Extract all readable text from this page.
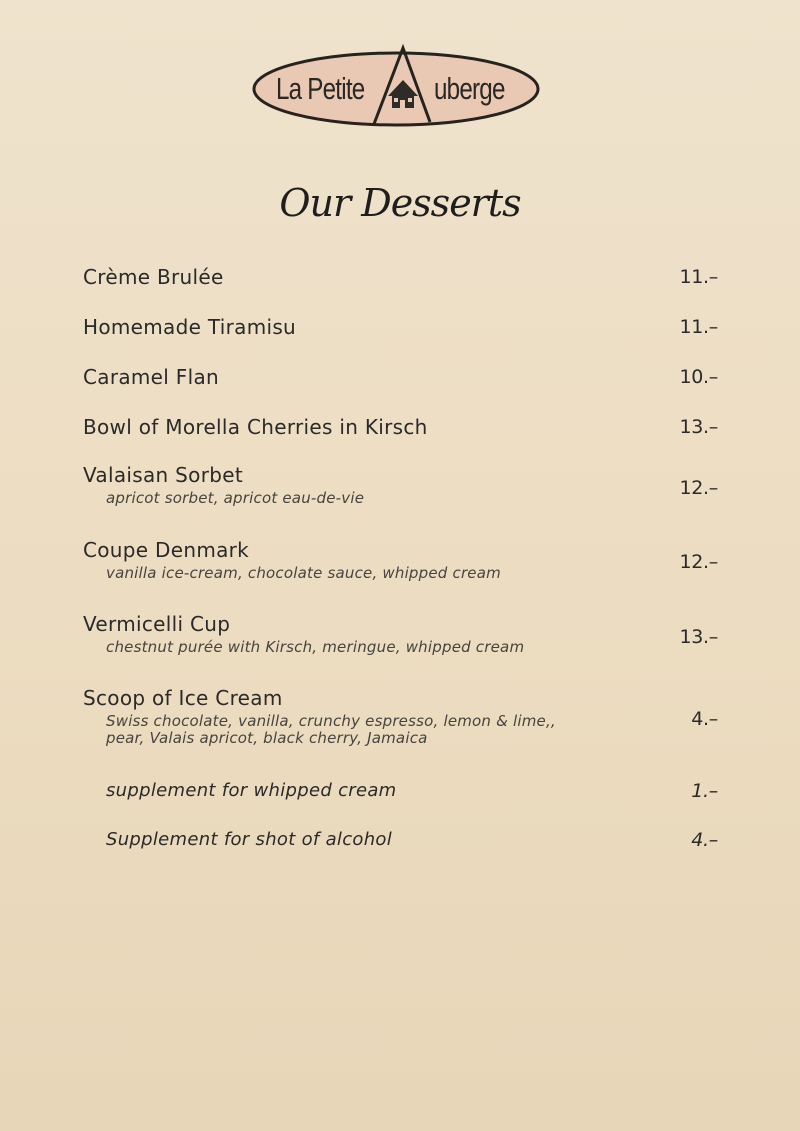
La Petite uberge
Our Desserts
Crème Brulée	11.–
Homemade Tiramisu	11.–
Caramel Flan	10.–
Bowl of Morella Cherries in Kirsch	13.–
Valaisan Sorbet
apricot sorbet, apricot eau-de-vie	12.–
Coupe Denmark
vanilla ice-cream, chocolate sauce, whipped cream	12.–
Vermicelli Cup
chestnut purée with Kirsch, meringue, whipped cream	13.–
Scoop of Ice Cream
Swiss chocolate, vanilla, crunchy espresso, lemon & lime,,
pear, Valais apricot, black cherry, Jamaica
4.–
supplement for whipped cream	1.–
Supplement for shot of alcohol	4.–
